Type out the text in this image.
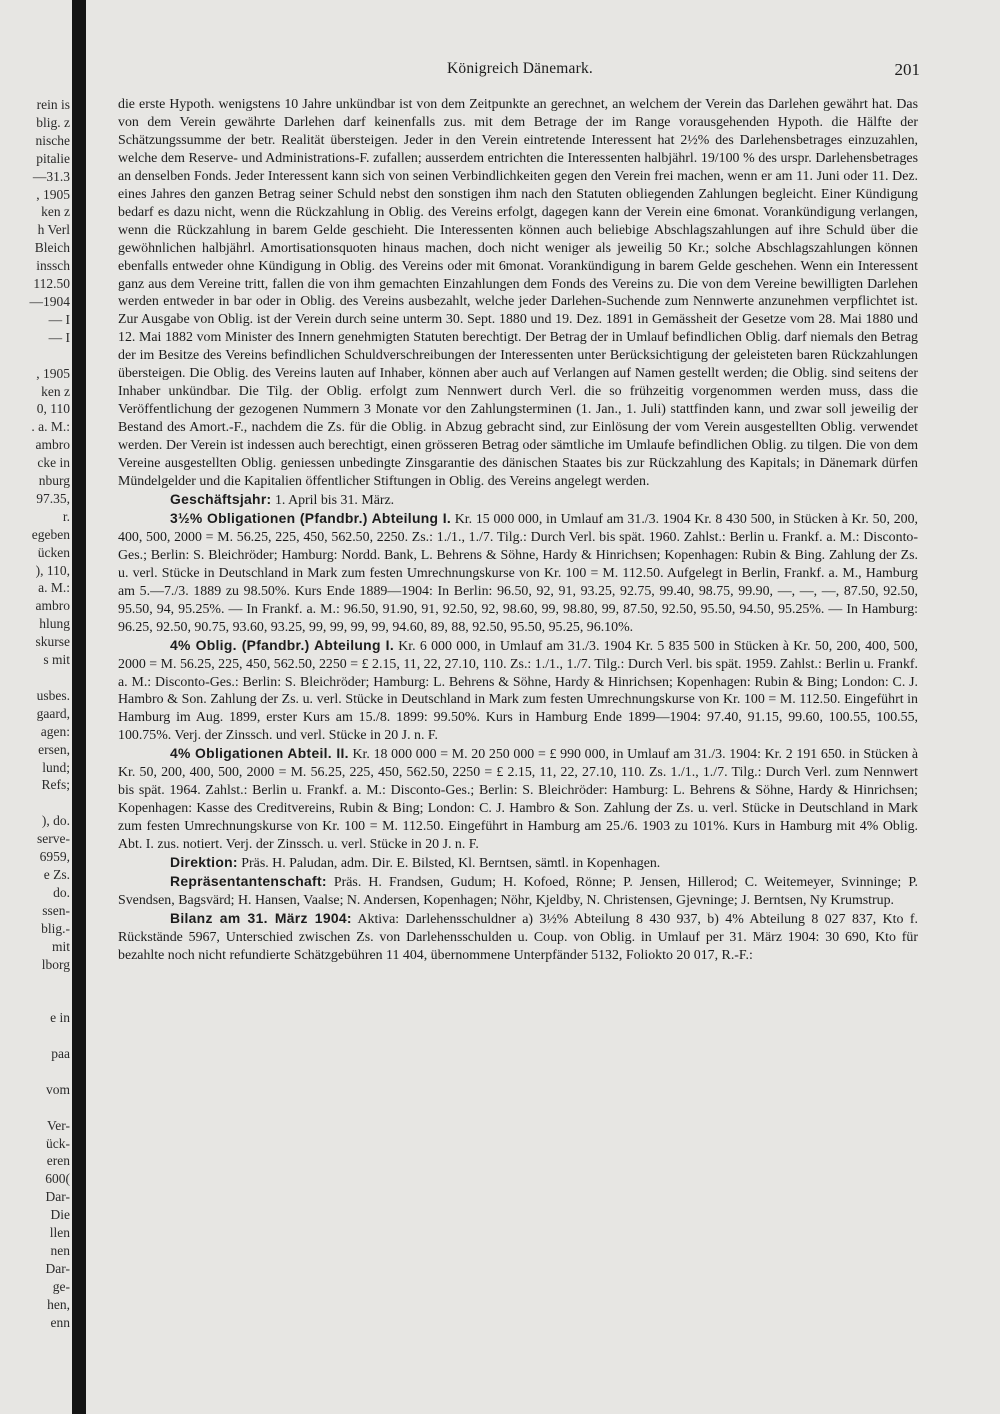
rein is
blig. z
nische
pitalie
—31.3
, 1905
ken z
h Verl
Bleich
inssch
112.50
—1904
— I
— I

, 1905
ken z
0, 110
. a. M.:
ambro
cke in
nburg
97.35,
r.
egeben
ücken
), 110,
a. M.:
ambro
hlung
skurse
s mit

usbes.
gaard,
agen:
ersen,
lund;
Refs;

), do.
serve-
6959,
e Zs.
do.
ssen-
blig.-
mit
lborg

e in

paa

vom

Ver-
ück-
eren
600(
Dar-
Die
llen
nen
Dar-
ge-
hen,
enn
Königreich Dänemark.	201

die erste Hypoth. wenigstens 10 Jahre unkündbar ist von dem Zeitpunkte an gerechnet, an welchem der Verein das Darlehen gewährt hat. Das von dem Verein gewährte Darlehen darf keinenfalls zus. mit dem Betrage der im Range vorausgehenden Hypoth. die Hälfte der Schätzungssumme der betr. Realität übersteigen. Jeder in den Verein eintretende Interessent hat 2½% des Darlehensbetrages einzuzahlen, welche dem Reserve- und Administrations-F. zufallen; ausserdem entrichten die Interessenten halbjährl. 19/100 % des urspr. Darlehensbetrages an denselben Fonds. Jeder Interessent kann sich von seinen Verbindlichkeiten gegen den Verein frei machen, wenn er am 11. Juni oder 11. Dez. eines Jahres den ganzen Betrag seiner Schuld nebst den sonstigen ihm nach den Statuten obliegenden Zahlungen begleicht. Einer Kündigung bedarf es dazu nicht, wenn die Rückzahlung in Oblig. des Vereins erfolgt, dagegen kann der Verein eine 6monat. Vorankündigung verlangen, wenn die Rückzahlung in barem Gelde geschieht. Die Interessenten können auch beliebige Abschlagszahlungen auf ihre Schuld über die gewöhnlichen halbjährl. Amortisationsquoten hinaus machen, doch nicht weniger als jeweilig 50 Kr.; solche Abschlagszahlungen können ebenfalls entweder ohne Kündigung in Oblig. des Vereins oder mit 6monat. Vorankündigung in barem Gelde geschehen. Wenn ein Interessent ganz aus dem Vereine tritt, fallen die von ihm gemachten Einzahlungen dem Fonds des Vereins zu. Die von dem Vereine bewilligten Darlehen werden entweder in bar oder in Oblig. des Vereins ausbezahlt, welche jeder Darlehen-Suchende zum Nennwerte anzunehmen verpflichtet ist. Zur Ausgabe von Oblig. ist der Verein durch seine unterm 30. Sept. 1880 und 19. Dez. 1891 in Gemässheit der Gesetze vom 28. Mai 1880 und 12. Mai 1882 vom Minister des Innern genehmigten Statuten berechtigt. Der Betrag der in Umlauf befindlichen Oblig. darf niemals den Betrag der im Besitze des Vereins befindlichen Schuldverschreibungen der Interessenten unter Berücksichtigung der geleisteten baren Rückzahlungen übersteigen. Die Oblig. des Vereins lauten auf Inhaber, können aber auch auf Verlangen auf Namen gestellt werden; die Oblig. sind seitens der Inhaber unkündbar. Die Tilg. der Oblig. erfolgt zum Nennwert durch Verl. die so frühzeitig vorgenommen werden muss, dass die Veröffentlichung der gezogenen Nummern 3 Monate vor den Zahlungsterminen (1. Jan., 1. Juli) stattfinden kann, und zwar soll jeweilig der Bestand des Amort.-F., nachdem die Zs. für die Oblig. in Abzug gebracht sind, zur Einlösung der vom Verein ausgestellten Oblig. verwendet werden. Der Verein ist indessen auch berechtigt, einen grösseren Betrag oder sämtliche im Umlaufe befindlichen Oblig. zu tilgen. Die von dem Vereine ausgestellten Oblig. geniessen unbedingte Zinsgarantie des dänischen Staates bis zur Rückzahlung des Kapitals; in Dänemark dürfen Mündelgelder und die Kapitalien öffentlicher Stiftungen in Oblig. des Vereins angelegt werden.

Geschäftsjahr: 1. April bis 31. März.

3½% Obligationen (Pfandbr.) Abteilung I. Kr. 15 000 000, in Umlauf am 31./3. 1904 Kr. 8 430 500, in Stücken à Kr. 50, 200, 400, 500, 2000 = M. 56.25, 225, 450, 562.50, 2250. Zs.: 1./1., 1./7. Tilg.: Durch Verl. bis spät. 1960. Zahlst.: Berlin u. Frankf. a. M.: Disconto-Ges.; Berlin: S. Bleichröder; Hamburg: Nordd. Bank, L. Behrens & Söhne, Hardy & Hinrichsen; Kopenhagen: Rubin & Bing. Zahlung der Zs. u. verl. Stücke in Deutschland in Mark zum festen Umrechnungskurse von Kr. 100 = M. 112.50. Aufgelegt in Berlin, Frankf. a. M., Hamburg am 5.—7./3. 1889 zu 98.50%. Kurs Ende 1889—1904: In Berlin: 96.50, 92, 91, 93.25, 92.75, 99.40, 98.75, 99.90, —, —, —, 87.50, 92.50, 95.50, 94, 95.25%. — In Frankf. a. M.: 96.50, 91.90, 91, 92.50, 92, 98.60, 99, 98.80, 99, 87.50, 92.50, 95.50, 94.50, 95.25%. — In Hamburg: 96.25, 92.50, 90.75, 93.60, 93.25, 99, 99, 99, 99, 94.60, 89, 88, 92.50, 95.50, 95.25, 96.10%.

4% Oblig. (Pfandbr.) Abteilung I. Kr. 6 000 000, in Umlauf am 31./3. 1904 Kr. 5 835 500 in Stücken à Kr. 50, 200, 400, 500, 2000 = M. 56.25, 225, 450, 562.50, 2250 = £ 2.15, 11, 22, 27.10, 110. Zs.: 1./1., 1./7. Tilg.: Durch Verl. bis spät. 1959. Zahlst.: Berlin u. Frankf. a. M.: Disconto-Ges.: Berlin: S. Bleichröder; Hamburg: L. Behrens & Söhne, Hardy & Hinrichsen; Kopenhagen: Rubin & Bing; London: C. J. Hambro & Son. Zahlung der Zs. u. verl. Stücke in Deutschland in Mark zum festen Umrechnungskurse von Kr. 100 = M. 112.50. Eingeführt in Hamburg im Aug. 1899, erster Kurs am 15./8. 1899: 99.50%. Kurs in Hamburg Ende 1899—1904: 97.40, 91.15, 99.60, 100.55, 100.55, 100.75%. Verj. der Zinssch. und verl. Stücke in 20 J. n. F.

4% Obligationen Abteil. II. Kr. 18 000 000 = M. 20 250 000 = £ 990 000, in Umlauf am 31./3. 1904: Kr. 2 191 650. in Stücken à Kr. 50, 200, 400, 500, 2000 = M. 56.25, 225, 450, 562.50, 2250 = £ 2.15, 11, 22, 27.10, 110. Zs. 1./1., 1./7. Tilg.: Durch Verl. zum Nennwert bis spät. 1964. Zahlst.: Berlin u. Frankf. a. M.: Disconto-Ges.; Berlin: S. Bleichröder: Hamburg: L. Behrens & Söhne, Hardy & Hinrichsen; Kopenhagen: Kasse des Creditvereins, Rubin & Bing; London: C. J. Hambro & Son. Zahlung der Zs. u. verl. Stücke in Deutschland in Mark zum festen Umrechnungskurse von Kr. 100 = M. 112.50. Eingeführt in Hamburg am 25./6. 1903 zu 101%. Kurs in Hamburg mit 4% Oblig. Abt. I. zus. notiert. Verj. der Zinssch. u. verl. Stücke in 20 J. n. F.

Direktion: Präs. H. Paludan, adm. Dir. E. Bilsted, Kl. Berntsen, sämtl. in Kopenhagen.

Repräsentantenschaft: Präs. H. Frandsen, Gudum; H. Kofoed, Rönne; P. Jensen, Hillerod; C. Weitemeyer, Svinninge; P. Svendsen, Bagsvärd; H. Hansen, Vaalse; N. Andersen, Kopenhagen; Nöhr, Kjeldby, N. Christensen, Gjevninge; J. Berntsen, Ny Krumstrup.

Bilanz am 31. März 1904: Aktiva: Darlehensschuldner a) 3½% Abteilung 8 430 937, b) 4% Abteilung 8 027 837, Kto f. Rückstände 5967, Unterschied zwischen Zs. von Darlehensschulden u. Coup. von Oblig. in Umlauf per 31. März 1904: 30 690, Kto für bezahlte noch nicht refundierte Schätzgebühren 11 404, übernommene Unterpfänder 5132, Foliokto 20 017, R.-F.:
